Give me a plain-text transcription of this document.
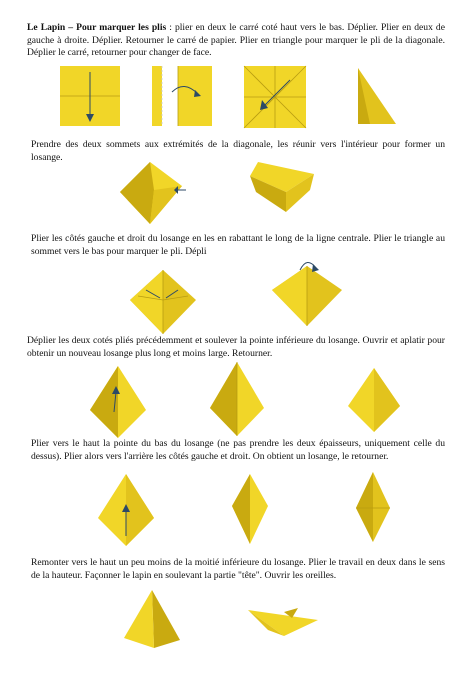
Le Lapin – Pour marquer les plis : plier en deux le carré coté haut vers le bas. Déplier. Plier en deux de gauche à droite. Déplier. Retourner le carré de papier. Plier en triangle pour marquer le pli de la diagonale. Déplier le carré, retourner pour changer de face.

Prendre des deux sommets aux extrémités de la diagonale, les réunir vers l'intérieur pour former un losange.

Plier les côtés gauche et droit du losange en les en rabattant le long de la ligne centrale. Plier le triangle au sommet vers le bas pour marquer le pli. Dépli

Déplier les deux cotés pliés précédemment et soulever la pointe inférieure du losange. Ouvrir et aplatir pour obtenir un nouveau losange plus long et moins large. Retourner.

Plier vers le haut la pointe du bas du losange (ne pas prendre les deux épaisseurs, uniquement celle du dessus). Plier alors vers l'arrière les côtés gauche et droit. On obtient un losange, le retourner.

Remonter vers le haut un peu moins de la moitié inférieure du losange. Plier le travail en deux dans le sens de la hauteur. Façonner le lapin en soulevant la partie "tête". Ouvrir les oreilles.
